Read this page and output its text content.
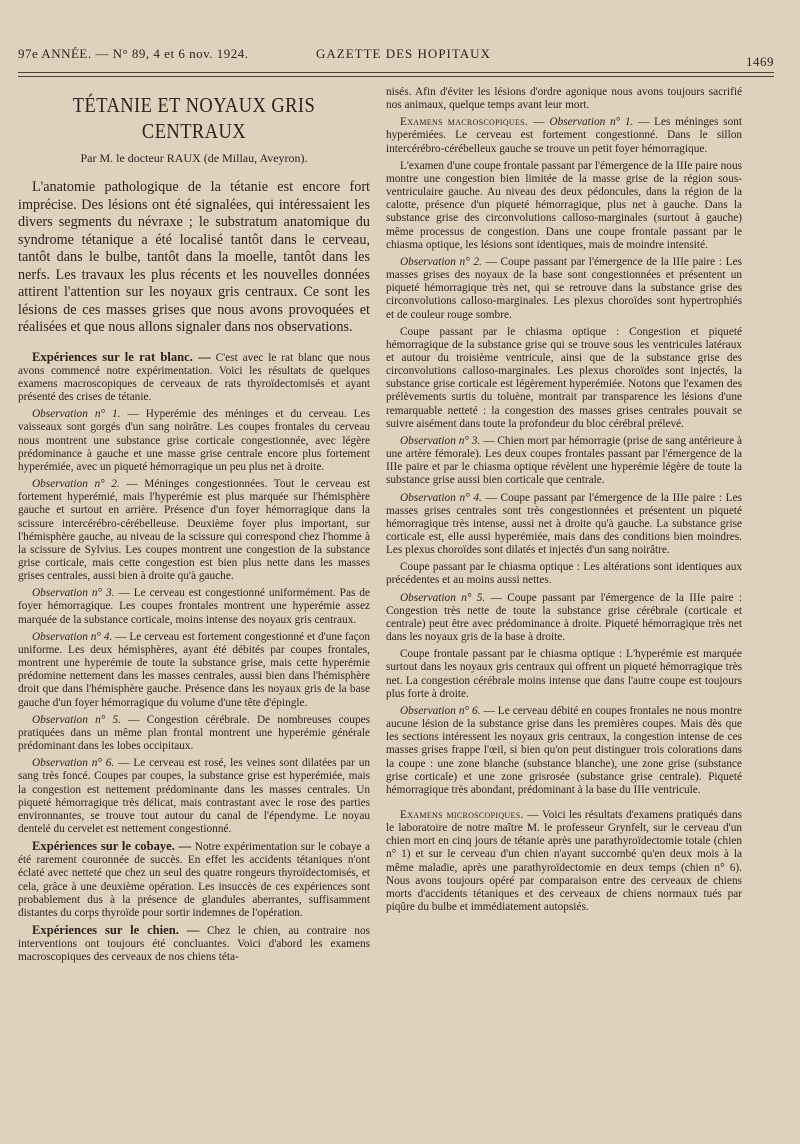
97e ANNÉE. — N° 89, 4 et 6 nov. 1924.	GAZETTE DES HOPITAUX
1469
TÉTANIE ET NOYAUX GRIS CENTRAUX
Par M. le docteur RAUX (de Millau, Aveyron).

L'anatomie pathologique de la tétanie est encore fort imprécise. Des lésions ont été signalées, qui intéressaient les divers segments du névraxe ; le substratum anatomique du syndrome tétanique a été localisé tantôt dans le cerveau, tantôt dans le bulbe, tantôt dans la moelle, tantôt dans les nerfs. Les travaux les plus récents et les nouvelles données attirent l'attention sur les noyaux gris centraux. Ce sont les lésions de ces masses grises que nous avons provoquées et réalisées et que nous allons signaler dans nos observations.

Expériences sur le rat blanc. — C'est avec le rat blanc que nous avons commencé notre expérimentation. Voici les résultats de quelques examens macroscopiques de cerveaux de rats thyroïdectomisés et ayant présenté des crises de tétanie.

Observation n° 1. — Hyperémie des méninges et du cerveau. Les vaisseaux sont gorgés d'un sang noirâtre. Les coupes frontales du cerveau nous montrent une substance grise corticale congestionnée, avec légère prédominance à gauche et une masse grise centrale encore plus fortement hyperémiée, avec un piqueté hémorragique un peu plus net à droite.

Observation n° 2. — Méninges congestionnées. Tout le cerveau est fortement hyperémié, mais l'hyperémie est plus marquée sur l'hémisphère gauche et surtout en arrière. Présence d'un foyer hémorragique dans la scissure intercérébro-cérébelleuse. Deuxième foyer plus important, sur l'hémisphère gauche, au niveau de la scissure qui correspond chez l'homme à la scissure de Sylvius. Les coupes montrent une congestion de la substance grise corticale, mais cette congestion est bien plus nette dans les masses grises centrales, aussi bien à droite qu'à gauche.

Observation n° 3. — Le cerveau est congestionné uniformément. Pas de foyer hémorragique. Les coupes frontales montrent une hyperémie assez marquée de la substance corticale, moins intense des noyaux gris centraux.

Observation n° 4. — Le cerveau est fortement congestionné et d'une façon uniforme. Les deux hémisphères, ayant été débités par coupes frontales, montrent une hyperémie de toute la substance grise, mais cette hyperémie prédomine nettement dans les masses centrales, aussi bien dans l'hémisphère droit que dans l'hémisphère gauche. Présence dans les noyaux gris de la base gauche d'un foyer hémorragique du volume d'une tête d'épingle.

Observation n° 5. — Congestion cérébrale. De nombreuses coupes pratiquées dans un même plan frontal montrent une hyperémie générale prédominant dans les lobes occipitaux.

Observation n° 6. — Le cerveau est rosé, les veines sont dilatées par un sang très foncé. Coupes par coupes, la substance grise est hyperémiée, mais la congestion est nettement prédominante dans les masses centrales. Un piqueté hémorragique très délicat, mais contrastant avec le rose des parties environnantes, se trouve tout autour du canal de l'épendyme. Le noyau dentelé du cervelet est nettement congestionné.

Expériences sur le cobaye. — Notre expérimentation sur le cobaye a été rarement couronnée de succès. En effet les accidents tétaniques n'ont éclaté avec netteté que chez un seul des quatre rongeurs thyroïdectomisés, et cela, grâce à une deuxième opération. Les insuccès de ces expériences sont probablement dus à la présence de glandules aberrantes, suffisamment distantes du corps thyroïde pour sortir indemnes de l'opération.

Expériences sur le chien. — Chez le chien, au contraire nos interventions ont toujours été concluantes. Voici d'abord les examens macroscopiques des cerveaux de nos chiens téta-

nisés. Afin d'éviter les lésions d'ordre agonique nous avons toujours sacrifié nos animaux, quelque temps avant leur mort.

Examens macroscopiques. — Observation n° 1. — Les méninges sont hyperémiées. Le cerveau est fortement congestionné. Dans le sillon intercérébro-cérébelleux gauche se trouve un petit foyer hémorragique.

L'examen d'une coupe frontale passant par l'émergence de la IIIe paire nous montre une congestion bien limitée de la masse grise de la région sous-ventriculaire gauche. Au niveau des deux pédoncules, dans la région de la calotte, présence d'un piqueté hémorragique, plus net à gauche. Dans la substance grise des circonvolutions calloso-marginales (surtout à gauche) même processus de congestion. Dans une coupe frontale passant par le chiasma optique, les lésions sont identiques, mais de moindre intensité.

Observation n° 2. — Coupe passant par l'émergence de la IIIe paire : Les masses grises des noyaux de la base sont congestionnées et présentent un piqueté hémorragique très net, qui se retrouve dans la substance grise des circonvolutions calloso-marginales. Les plexus choroïdes sont hypertrophiés et de couleur rouge sombre.

Coupe passant par le chiasma optique : Congestion et piqueté hémorragique de la substance grise qui se trouve sous les ventricules latéraux et autour du troisième ventricule, ainsi que de la substance grise des circonvolutions calloso-marginales. Les plexus choroïdes sont injectés, la substance grise corticale est légèrement hyperémiée. Notons que l'examen des prélèvements surtis du toluène, montrait par transparence les lésions d'une remarquable netteté : la congestion des masses grises centrales pouvait se suivre aisément dans toute la profondeur du bloc cérébral prélevé.

Observation n° 3. — Chien mort par hémorragie (prise de sang antérieure à une artère fémorale). Les deux coupes frontales passant par l'émergence de la IIIe paire et par le chiasma optique révèlent une hyperémie légère de toute la substance grise aussi bien corticale que centrale.

Observation n° 4. — Coupe passant par l'émergence de la IIIe paire : Les masses grises centrales sont très congestionnées et présentent un piqueté hémorragique très intense, aussi net à droite qu'à gauche. La substance grise corticale est, elle aussi hyperémiée, mais dans des conditions bien moindres. Les plexus choroïdes sont dilatés et injectés d'un sang noirâtre.

Coupe passant par le chiasma optique : Les altérations sont identiques aux précédentes et au moins aussi nettes.

Observation n° 5. — Coupe passant par l'émergence de la IIIe paire : Congestion très nette de toute la substance grise cérébrale (corticale et centrale) peut être avec prédominance à droite. Piqueté hémorragique très net dans les noyaux gris de la base à droite.

Coupe frontale passant par le chiasma optique : L'hyperémie est marquée surtout dans les noyaux gris centraux qui offrent un piqueté hémorragique très net. La congestion cérébrale moins intense que dans l'autre coupe est toujours plus forte à droite.

Observation n° 6. — Le cerveau débité en coupes frontales ne nous montre aucune lésion de la substance grise dans les premières coupes. Mais dès que les sections intéressent les noyaux gris centraux, la congestion intense de ces masses grises frappe l'œil, si bien qu'on peut distinguer trois colorations dans la coupe : une zone blanche (substance blanche), une zone grise (substance grise corticale) et une zone grisrosée (substance grise centrale). Piqueté hémorragique très abondant, prédominant à la base du IIIe ventricule.

Examens microscopiques. — Voici les résultats d'examens pratiqués dans le laboratoire de notre maître M. le professeur Grynfelt, sur le cerveau d'un chien mort en cinq jours de tétanie après une parathyroïdectomie totale (chien n° 1) et sur le cerveau d'un chien n'ayant succombé qu'en deux mois à la même maladie, après une parathyroïdectomie en deux temps (chien n° 6). Nous avons toujours opéré par comparaison entre des cerveaux de chiens morts d'accidents tétaniques et des cerveaux de chiens normaux tués par piqûre du bulbe et immédiatement autopsiés.
